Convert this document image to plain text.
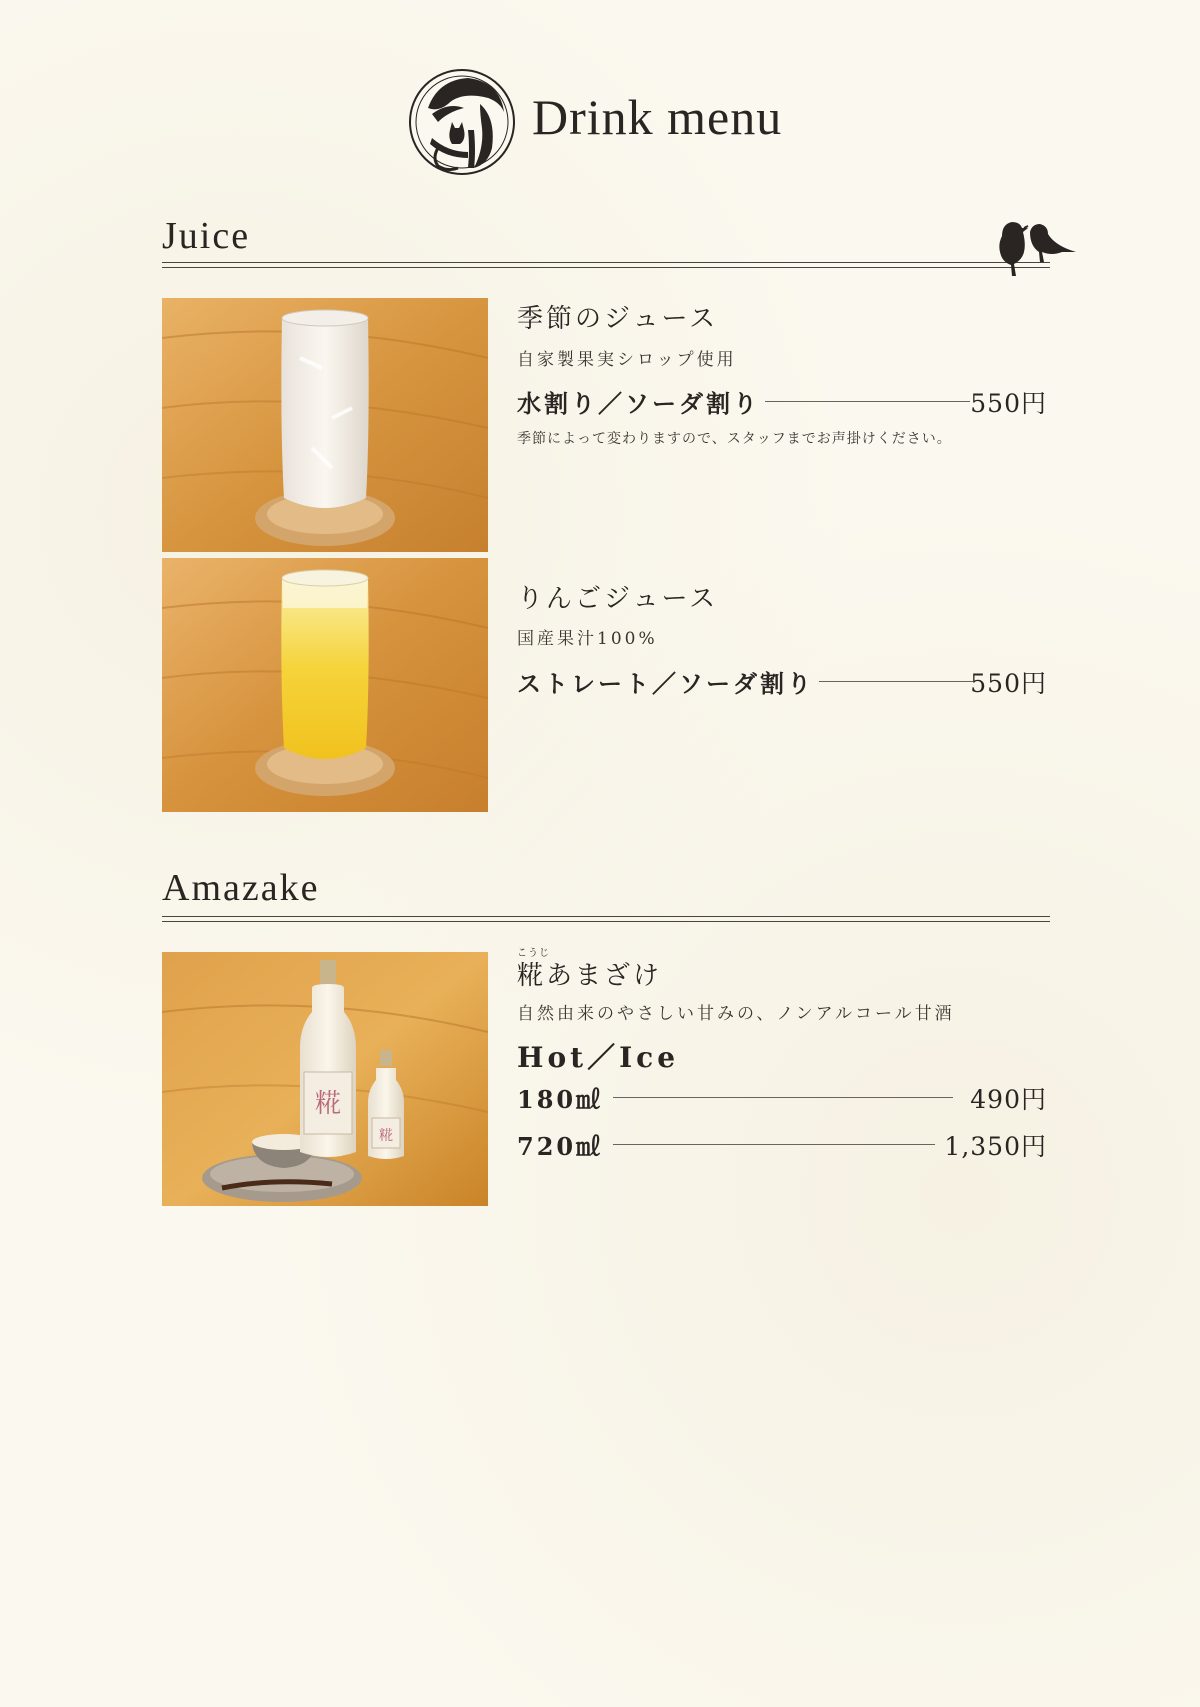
Drink menu
Juice
季節のジュース
自家製果実シロップ使用
水割り／ソーダ割り	550円
季節によって変わりますので、スタッフまでお声掛けください。
りんごジュース
国産果汁100%
ストレート／ソーダ割り	550円
Amazake
糀
糀
こうじ
糀あまざけ
自然由来のやさしい甘みの、ノンアルコール甘酒
Hot／Ice
180㎖	490円
720㎖	1,350円
